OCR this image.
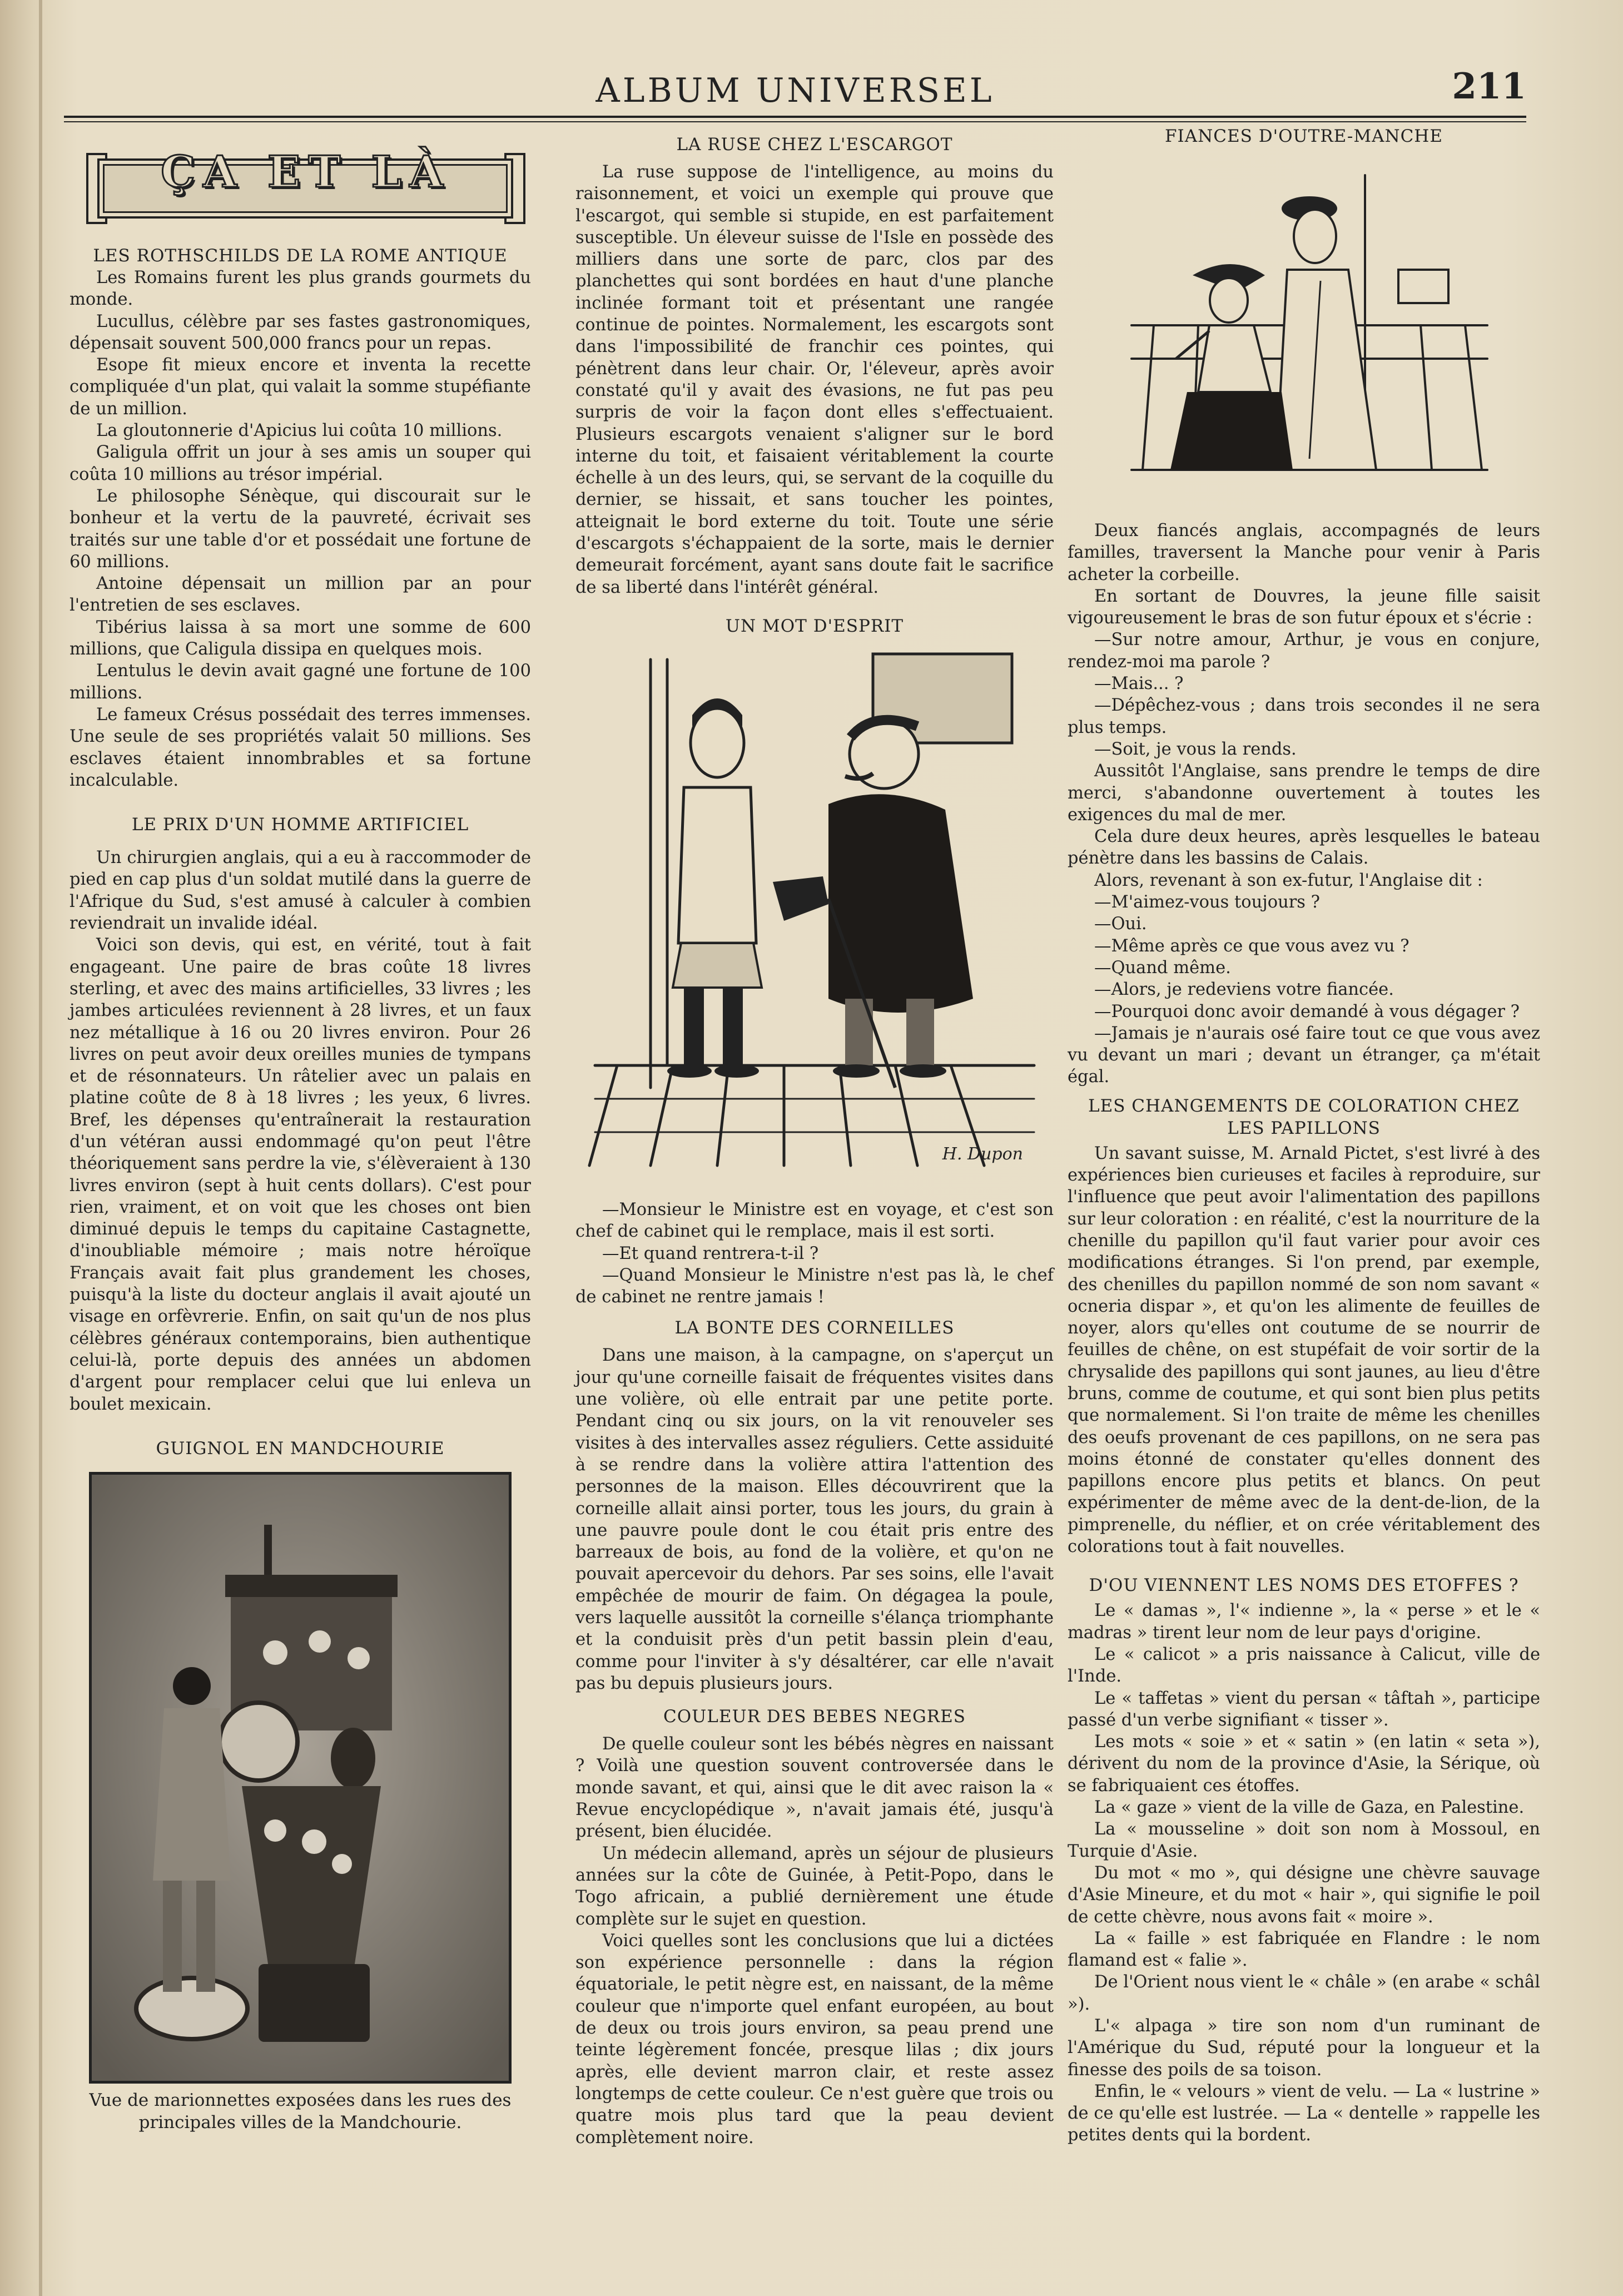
ALBUM UNIVERSEL	211
ÇA ET LÀ
LES ROTHSCHILDS DE LA ROME ANTIQUE

Les Romains furent les plus grands gourmets du monde.

Lucullus, célèbre par ses fastes gastronomiques, dépensait souvent 500,000 francs pour un repas.

Esope fit mieux encore et inventa la recette compliquée d'un plat, qui valait la somme stupéfiante de un million.

La gloutonnerie d'Apicius lui coûta 10 millions.

Galigula offrit un jour à ses amis un souper qui coûta 10 millions au trésor impérial.

Le philosophe Sénèque, qui discourait sur le bonheur et la vertu de la pauvreté, écrivait ses traités sur une table d'or et possédait une fortune de 60 millions.

Antoine dépensait un million par an pour l'entretien de ses esclaves.

Tibérius laissa à sa mort une somme de 600 millions, que Caligula dissipa en quelques mois.

Lentulus le devin avait gagné une fortune de 100 millions.

Le fameux Crésus possédait des terres immenses. Une seule de ses propriétés valait 50 millions. Ses esclaves étaient innombrables et sa fortune incalculable.

LE PRIX D'UN HOMME ARTIFICIEL

Un chirurgien anglais, qui a eu à raccommoder de pied en cap plus d'un soldat mutilé dans la guerre de l'Afrique du Sud, s'est amusé à calculer à combien reviendrait un invalide idéal.

Voici son devis, qui est, en vérité, tout à fait engageant. Une paire de bras coûte 18 livres sterling, et avec des mains artificielles, 33 livres ; les jambes articulées reviennent à 28 livres, et un faux nez métallique à 16 ou 20 livres environ. Pour 26 livres on peut avoir deux oreilles munies de tympans et de résonnateurs. Un râtelier avec un palais en platine coûte de 8 à 18 livres ; les yeux, 6 livres. Bref, les dépenses qu'entraînerait la restauration d'un vétéran aussi endommagé qu'on peut l'être théoriquement sans perdre la vie, s'élèveraient à 130 livres environ (sept à huit cents dollars). C'est pour rien, vraiment, et on voit que les choses ont bien diminué depuis le temps du capitaine Castagnette, d'inoubliable mémoire ; mais notre héroïque Français avait fait plus grandement les choses, puisqu'à la liste du docteur anglais il avait ajouté un visage en orfèvrerie. Enfin, on sait qu'un de nos plus célèbres généraux contemporains, bien authentique celui-là, porte depuis des années un abdomen d'argent pour remplacer celui que lui enleva un boulet mexicain.

GUIGNOL EN MANDCHOURIE
Vue de marionnettes exposées dans les rues des principales villes de la Mandchourie.
LA RUSE CHEZ L'ESCARGOT

La ruse suppose de l'intelligence, au moins du raisonnement, et voici un exemple qui prouve que l'escargot, qui semble si stupide, en est parfaitement susceptible. Un éleveur suisse de l'Isle en possède des milliers dans une sorte de parc, clos par des planchettes qui sont bordées en haut d'une planche inclinée formant toit et présentant une rangée continue de pointes. Normalement, les escargots sont dans l'impossibilité de franchir ces pointes, qui pénètrent dans leur chair. Or, l'éleveur, après avoir constaté qu'il y avait des évasions, ne fut pas peu surpris de voir la façon dont elles s'effectuaient. Plusieurs escargots venaient s'aligner sur le bord interne du toit, et faisaient véritablement la courte échelle à un des leurs, qui, se servant de la coquille du dernier, se hissait, et sans toucher les pointes, atteignait le bord externe du toit. Toute une série d'escargots s'échappaient de la sorte, mais le dernier demeurait forcément, ayant sans doute fait le sacrifice de sa liberté dans l'intérêt général.

UN MOT D'ESPRIT
H. Dupon

—Monsieur le Ministre est en voyage, et c'est son chef de cabinet qui le remplace, mais il est sorti.

—Et quand rentrera-t-il ?

—Quand Monsieur le Ministre n'est pas là, le chef de cabinet ne rentre jamais !

LA BONTE DES CORNEILLES

Dans une maison, à la campagne, on s'aperçut un jour qu'une corneille faisait de fréquentes visites dans une volière, où elle entrait par une petite porte. Pendant cinq ou six jours, on la vit renouveler ses visites à des intervalles assez réguliers. Cette assiduité à se rendre dans la volière attira l'attention des personnes de la maison. Elles découvrirent que la corneille allait ainsi porter, tous les jours, du grain à une pauvre poule dont le cou était pris entre des barreaux de bois, au fond de la volière, et qu'on ne pouvait apercevoir du dehors. Par ses soins, elle l'avait empêchée de mourir de faim. On dégagea la poule, vers laquelle aussitôt la corneille s'élança triomphante et la conduisit près d'un petit bassin plein d'eau, comme pour l'inviter à s'y désaltérer, car elle n'avait pas bu depuis plusieurs jours.

COULEUR DES BEBES NEGRES

De quelle couleur sont les bébés nègres en naissant ? Voilà une question souvent controversée dans le monde savant, et qui, ainsi que le dit avec raison la « Revue encyclopédique », n'avait jamais été, jusqu'à présent, bien élucidée.

Un médecin allemand, après un séjour de plusieurs années sur la côte de Guinée, à Petit-Popo, dans le Togo africain, a publié dernièrement une étude complète sur le sujet en question.

Voici quelles sont les conclusions que lui a dictées son expérience personnelle : dans la région équatoriale, le petit nègre est, en naissant, de la même couleur que n'importe quel enfant européen, au bout de deux ou trois jours environ, sa peau prend une teinte légèrement foncée, presque lilas ; dix jours après, elle devient marron clair, et reste assez longtemps de cette couleur. Ce n'est guère que trois ou quatre mois plus tard que la peau devient complètement noire.

FIANCES D'OUTRE-MANCHE

Deux fiancés anglais, accompagnés de leurs familles, traversent la Manche pour venir à Paris acheter la corbeille.

En sortant de Douvres, la jeune fille saisit vigoureusement le bras de son futur époux et s'écrie :

—Sur notre amour, Arthur, je vous en conjure, rendez-moi ma parole ?

—Mais... ?

—Dépêchez-vous ; dans trois secondes il ne sera plus temps.

—Soit, je vous la rends.

Aussitôt l'Anglaise, sans prendre le temps de dire merci, s'abandonne ouvertement à toutes les exigences du mal de mer.

Cela dure deux heures, après lesquelles le bateau pénètre dans les bassins de Calais.

Alors, revenant à son ex-futur, l'Anglaise dit :

—M'aimez-vous toujours ?

—Oui.

—Même après ce que vous avez vu ?

—Quand même.

—Alors, je redeviens votre fiancée.

—Pourquoi donc avoir demandé à vous dégager ?

—Jamais je n'aurais osé faire tout ce que vous avez vu devant un mari ; devant un étranger, ça m'était égal.

LES CHANGEMENTS DE COLORATION CHEZ LES PAPILLONS

Un savant suisse, M. Arnald Pictet, s'est livré à des expériences bien curieuses et faciles à reproduire, sur l'influence que peut avoir l'alimentation des papillons sur leur coloration : en réalité, c'est la nourriture de la chenille du papillon qu'il faut varier pour avoir ces modifications étranges. Si l'on prend, par exemple, des chenilles du papillon nommé de son nom savant « ocneria dispar », et qu'on les alimente de feuilles de noyer, alors qu'elles ont coutume de se nourrir de feuilles de chêne, on est stupéfait de voir sortir de la chrysalide des papillons qui sont jaunes, au lieu d'être bruns, comme de coutume, et qui sont bien plus petits que normalement. Si l'on traite de même les chenilles des oeufs provenant de ces papillons, on ne sera pas moins étonné de constater qu'elles donnent des papillons encore plus petits et blancs. On peut expérimenter de même avec de la dent-de-lion, de la pimprenelle, du néflier, et on crée véritablement des colorations tout à fait nouvelles.

D'OU VIENNENT LES NOMS DES ETOFFES ?

Le « damas », l'« indienne », la « perse » et le « madras » tirent leur nom de leur pays d'origine.

Le « calicot » a pris naissance à Calicut, ville de l'Inde.

Le « taffetas » vient du persan « tâftah », participe passé d'un verbe signifiant « tisser ».

Les mots « soie » et « satin » (en latin « seta »), dérivent du nom de la province d'Asie, la Sérique, où se fabriquaient ces étoffes.

La « gaze » vient de la ville de Gaza, en Palestine.

La « mousseline » doit son nom à Mossoul, en Turquie d'Asie.

Du mot « mo », qui désigne une chèvre sauvage d'Asie Mineure, et du mot « hair », qui signifie le poil de cette chèvre, nous avons fait « moire ».

La « faille » est fabriquée en Flandre : le nom flamand est « falie ».

De l'Orient nous vient le « châle » (en arabe « schâl »).

L'« alpaga » tire son nom d'un ruminant de l'Amérique du Sud, réputé pour la longueur et la finesse des poils de sa toison.

Enfin, le « velours » vient de velu. — La « lustrine » de ce qu'elle est lustrée. — La « dentelle » rappelle les petites dents qui la bordent.
